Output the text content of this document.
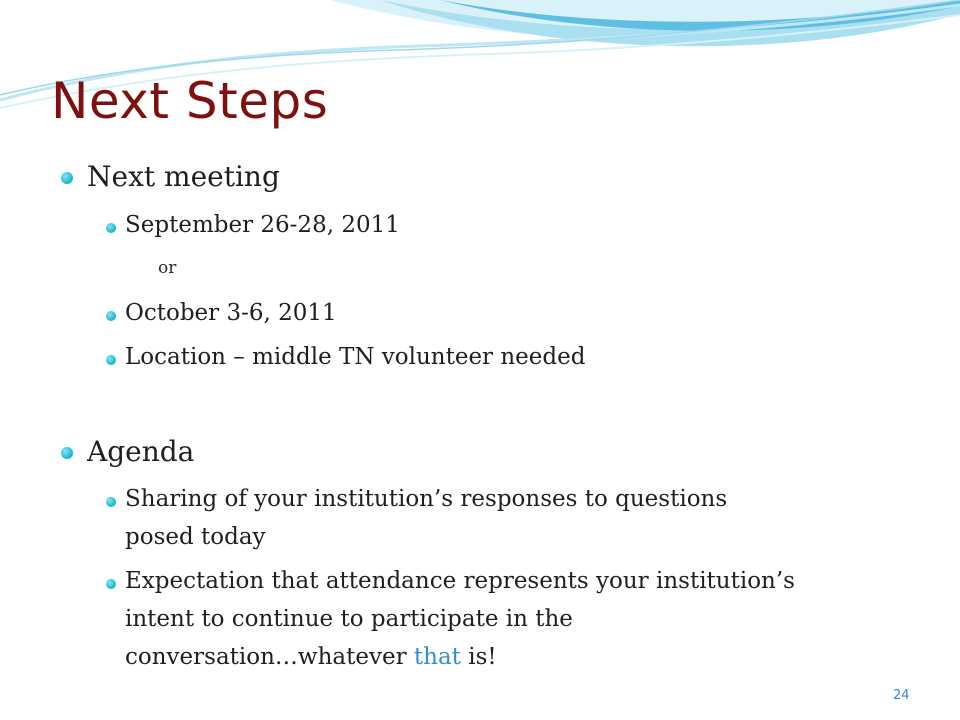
Next Steps
Next meeting
September 26-28, 2011
or
October 3-6, 2011
Location – middle TN volunteer needed
Agenda
Sharing of your institution’s responses to questions
posed today
Expectation that attendance represents your institution’s
intent to continue to participate in the
conversation…whatever that is!
24
